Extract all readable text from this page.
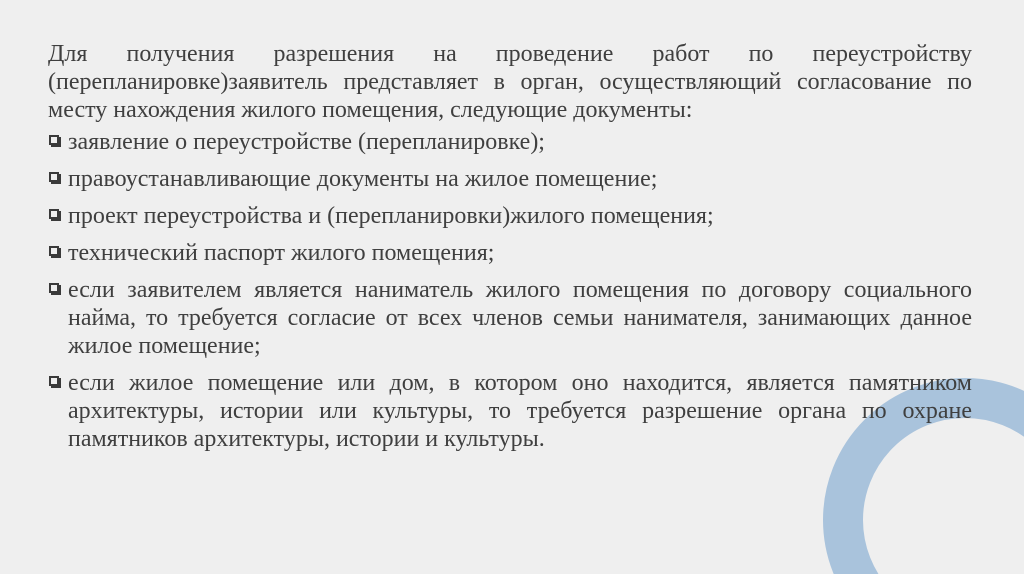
Для получения разрешения на проведение работ по переустройству (перепланировке)заявитель представляет в орган, осуществляющий согласование по месту нахождения жилого помещения, следующие документы:
заявление о переустройстве (перепланировке);
правоустанавливающие документы на жилое помещение;
проект переустройства и (перепланировки)жилого помещения;
технический паспорт жилого помещения;
если заявителем является наниматель жилого помещения по договору социального найма, то требуется согласие от всех членов семьи нанимателя, занимающих данное жилое помещение;
если жилое помещение или дом, в котором оно находится, является памятником архитектуры, истории или культуры, то требуется разрешение органа по охране памятников архитектуры, истории и культуры.
